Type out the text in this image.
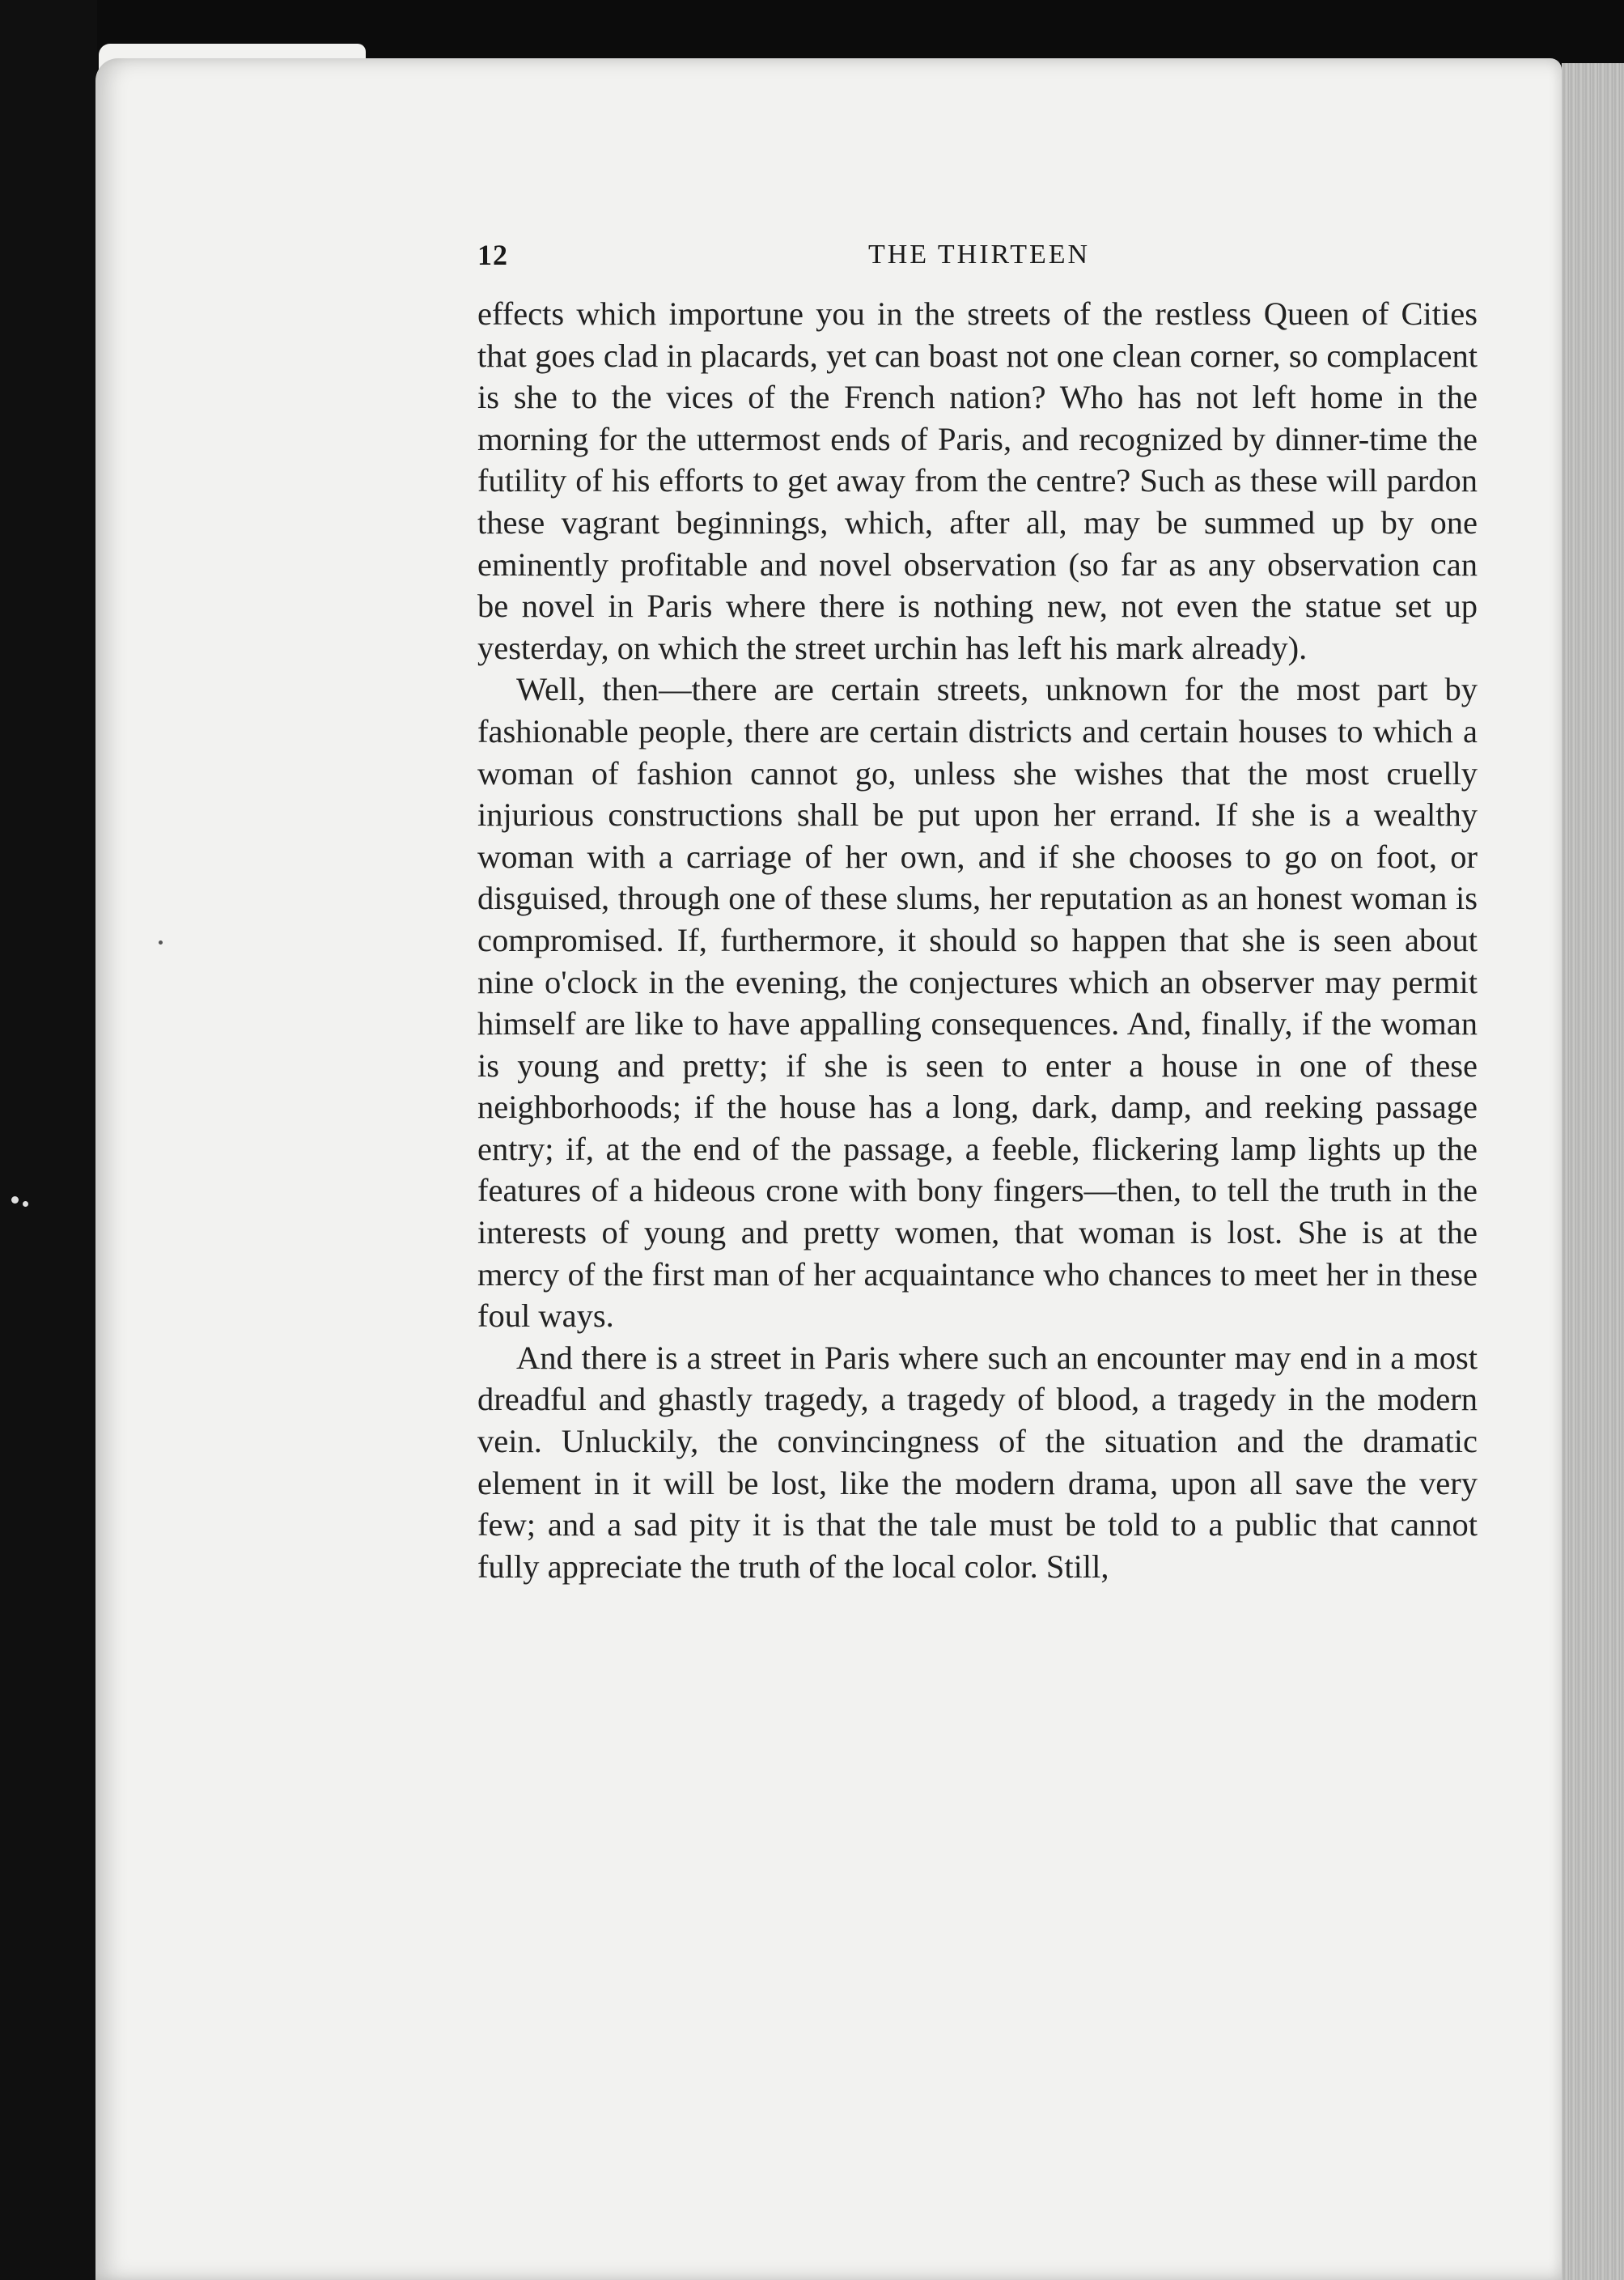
12	THE THIRTEEN

effects which importune you in the streets of the restless Queen of Cities that goes clad in placards, yet can boast not one clean corner, so complacent is she to the vices of the French nation? Who has not left home in the morning for the uttermost ends of Paris, and recognized by dinner-time the futility of his efforts to get away from the centre? Such as these will pardon these vagrant beginnings, which, after all, may be summed up by one eminently profitable and novel observation (so far as any observation can be novel in Paris where there is nothing new, not even the statue set up yesterday, on which the street urchin has left his mark already).

Well, then—there are certain streets, unknown for the most part by fashionable people, there are certain districts and certain houses to which a woman of fashion cannot go, unless she wishes that the most cruelly injurious constructions shall be put upon her errand. If she is a wealthy woman with a carriage of her own, and if she chooses to go on foot, or disguised, through one of these slums, her reputation as an honest woman is compromised. If, furthermore, it should so happen that she is seen about nine o'clock in the evening, the conjectures which an observer may permit himself are like to have appalling consequences. And, finally, if the woman is young and pretty; if she is seen to enter a house in one of these neighborhoods; if the house has a long, dark, damp, and reeking passage entry; if, at the end of the passage, a feeble, flickering lamp lights up the features of a hideous crone with bony fingers—then, to tell the truth in the interests of young and pretty women, that woman is lost. She is at the mercy of the first man of her acquaintance who chances to meet her in these foul ways.

And there is a street in Paris where such an encounter may end in a most dreadful and ghastly tragedy, a tragedy of blood, a tragedy in the modern vein. Unluckily, the convincingness of the situation and the dramatic element in it will be lost, like the modern drama, upon all save the very few; and a sad pity it is that the tale must be told to a public that cannot fully appreciate the truth of the local color. Still,
